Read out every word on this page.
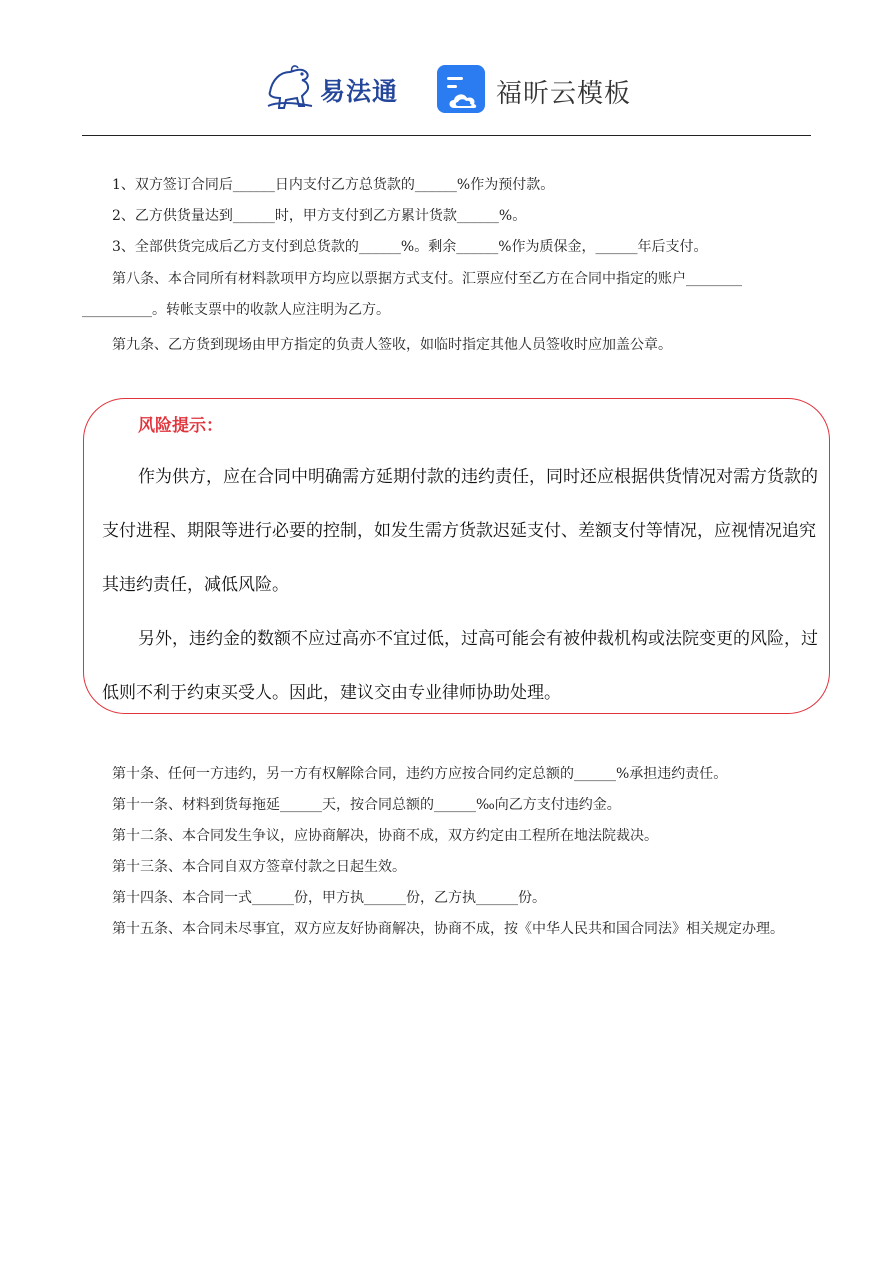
易法通	福昕云模板

1、双方签订合同后______日内支付乙方总货款的______%作为预付款。

2、乙方供货量达到______时，甲方支付到乙方累计货款______%。

3、全部供货完成后乙方支付到总货款的______%。剩余______%作为质保金，______年后支付。

第八条、本合同所有材料款项甲方均应以票据方式支付。汇票应付至乙方在合同中指定的账户________ __________。转帐支票中的收款人应注明为乙方。

第九条、乙方货到现场由甲方指定的负责人签收，如临时指定其他人员签收时应加盖公章。

风险提示：

作为供方，应在合同中明确需方延期付款的违约责任，同时还应根据供货情况对需方货款的支付进程、期限等进行必要的控制，如发生需方货款迟延支付、差额支付等情况，应视情况追究其违约责任，减低风险。

另外，违约金的数额不应过高亦不宜过低，过高可能会有被仲裁机构或法院变更的风险，过低则不利于约束买受人。因此，建议交由专业律师协助处理。

第十条、任何一方违约，另一方有权解除合同，违约方应按合同约定总额的______%承担违约责任。

第十一条、材料到货每拖延______天，按合同总额的______‰向乙方支付违约金。

第十二条、本合同发生争议，应协商解决，协商不成，双方约定由工程所在地法院裁决。

第十三条、本合同自双方签章付款之日起生效。

第十四条、本合同一式______份，甲方执______份，乙方执______份。

第十五条、本合同未尽事宜，双方应友好协商解决，协商不成，按《中华人民共和国合同法》相关规定办理。
